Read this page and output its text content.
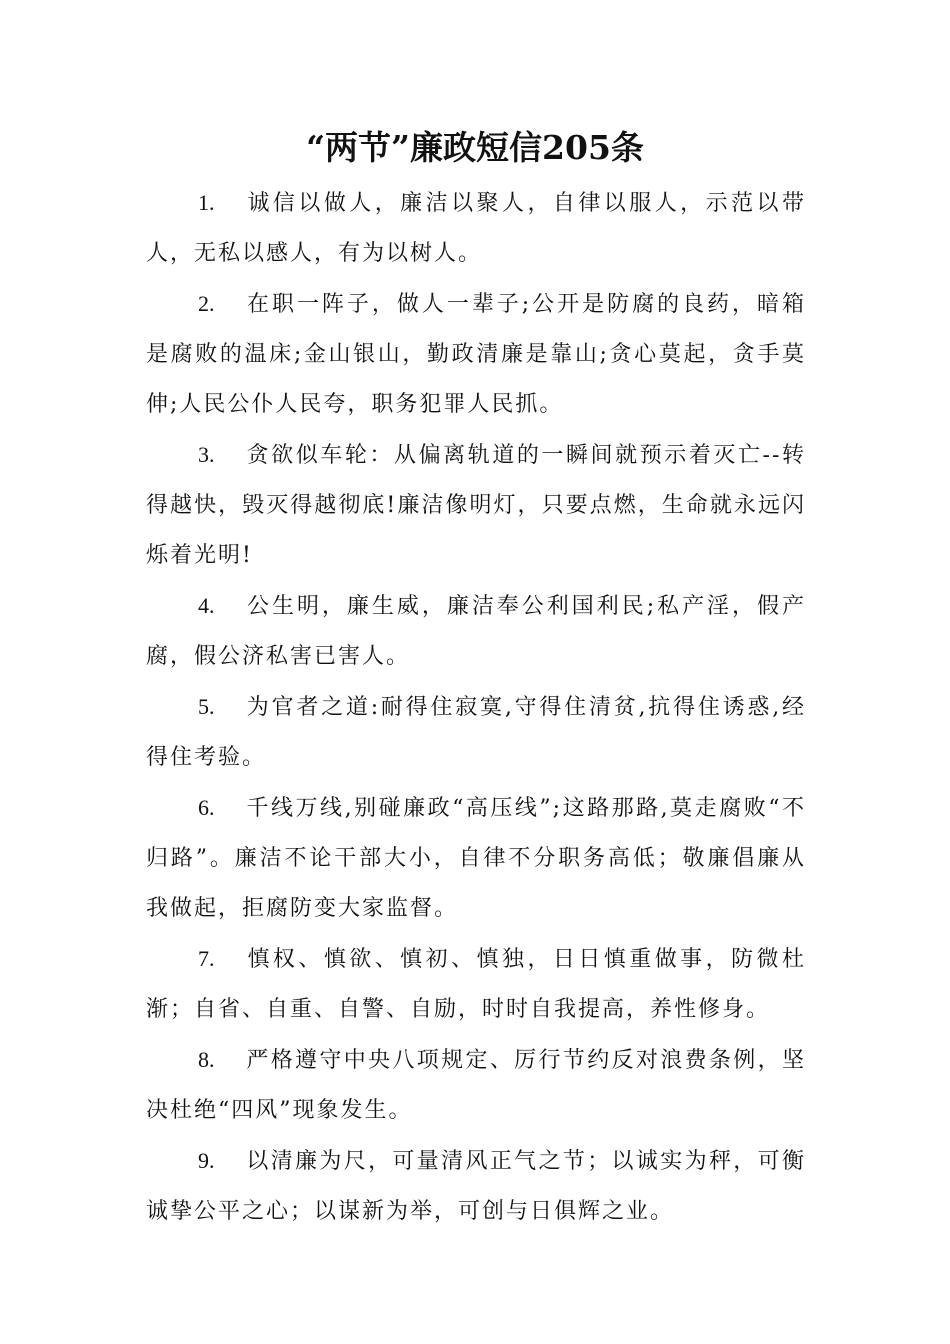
“两节”廉政短信205条

1. 诚信以做人，廉洁以聚人，自律以服人，示范以带人，无私以感人，有为以树人。

2. 在职一阵子，做人一辈子;公开是防腐的良药，暗箱是腐败的温床;金山银山，勤政清廉是靠山;贪心莫起，贪手莫伸;人民公仆人民夸，职务犯罪人民抓。

3. 贪欲似车轮：从偏离轨道的一瞬间就预示着灭亡--转得越快，毁灭得越彻底!廉洁像明灯，只要点燃，生命就永远闪烁着光明!

4. 公生明，廉生威，廉洁奉公利国利民;私产淫，假产腐，假公济私害已害人。

5. 为官者之道:耐得住寂寞,守得住清贫,抗得住诱惑,经得住考验。

6. 千线万线,别碰廉政“高压线”;这路那路,莫走腐败“不归路”。廉洁不论干部大小，自律不分职务高低；敬廉倡廉从我做起，拒腐防变大家监督。

7. 慎权、慎欲、慎初、慎独，日日慎重做事，防微杜渐；自省、自重、自警、自励，时时自我提高，养性修身。

8. 严格遵守中央八项规定、厉行节约反对浪费条例，坚决杜绝“四风”现象发生。

9. 以清廉为尺，可量清风正气之节；以诚实为秤，可衡诚挚公平之心；以谋新为举，可创与日俱辉之业。
